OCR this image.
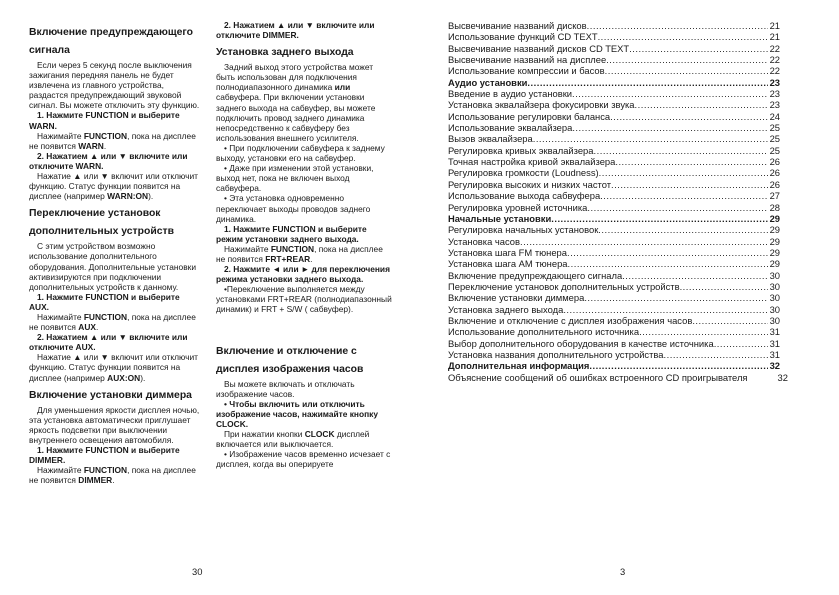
Включение предупреждающего сигнала

Если через 5 секунд после выключения зажигания передняя панель не будет извлечена из главного устройства, раздастся предупреждающий звуковой сигнал. Вы можете отключить эту функцию.

1. Нажмите FUNCTION и выберите WARN.

Нажимайте FUNCTION, пока на дисплее не появится WARN.

2. Нажатием ▲ или ▼ включите или отключите WARN.

Нажатие ▲ или ▼ включит или отключит функцию. Статус функции появится на дисплее (например WARN:ON).

Переключение установок дополнительных устройств

С этим устройством возможно использование дополнительного оборудования. Дополнительные установки активизируются при подключении дополнительных устройств к данному.

1. Нажмите FUNCTION и выберите AUX.

Нажимайте FUNCTION, пока на дисплее не появится AUX.

2. Нажатием ▲ или ▼ включите или отключите AUX.

Нажатие ▲ или ▼ включит или отключит функцию. Статус функции появится на дисплее (например AUX:ON).

Включение установки диммера

Для уменьшения яркости дисплея ночью, эта установка автоматически приглушает яркость подсветки при выключении внутреннего освещения автомобиля.

1. Нажмите FUNCTION и выберите DIMMER.

Нажимайте FUNCTION, пока на дисплее не появится DIMMER.

2. Нажатием ▲ или ▼ включите или отключите DIMMER.

Установка заднего выхода

Задний выход этого устройства может быть использован для подключения полнодиапазонного динамика или сабвуфера. При включении установки заднего выхода на сабвуфер, вы можете подключить провод заднего динамика непосредственно к сабвуферу без использования внешнего усилителя.

• При подключении сабвуфера к заднему выходу, установки его на сабвуфер.

• Даже при изменении этой установки, выход нет, пока не включен выход сабвуфера.

• Эта установка одновременно переключает выходы проводов заднего динамика.

1. Нажмите FUNCTION и выберите режим установки заднего выхода.

Нажимайте FUNCTION, пока на дисплее не появится FRT+REAR.

2. Нажмите ◄ или ► для переключения режима установки заднего выхода.

•Переключение выполняется между установками FRT+REAR (полнодиапазонный динамик) и FRT + S/W ( сабвуфер).

Включение и отключение с дисплея изображения часов

Вы можете включать и отключать изображение часов.

• Чтобы включить или отключить изображение часов, нажимайте кнопку CLOCK.

При нажатии кнопки CLOCK дисплей включается или выключается.

• Изображение часов временно исчезает с дисплея, когда вы оперируете

Высвечивание названий дисков .....	21
Использование функций CD TEXT .....	21
Высвечивание названий дисков CD TEXT .....	22
Высвечивание названий на дисплее .....	22
Использование компрессии и басов .....	22
Аудио установки .....	23
Введение в аудио установки .....	23
Установка эквалайзера фокусировки звука .....	23
Использование регулировки баланса .....	24
Использование эквалайзера .....	25
Вызов эквалайзера .....	25
Регулировка кривых эквалайзера .....	25
Точная настройка кривой эквалайзера .....	26
Регулировка громкости (Loudness) .....	26
Регулировка высоких и низких частот .....	26
Использование выхода сабвуфера .....	27
Регулировка уровней источника .....	28
Начальные установки .....	29
Регулировка начальных установок .....	29
Установка часов .....	29
Установка шага FM тюнера .....	29
Установка шага AM тюнера .....	29
Включение предупреждающего сигнала .....	30
Переключение установок дополнительных устройств .....	30
Включение установки диммера .....	30
Установка заднего выхода .....	30
Включение и отключение с дисплея изображения часов .....	30
Использование дополнительного источника .....	31
Выбор дополнительного оборудования в качестве источника .....	31
Установка названия дополнительного устройства .....	31
Дополнительная информация .....	32
Объяснение сообщений об ошибках встроенного CD проигрывателя	32
30	3
